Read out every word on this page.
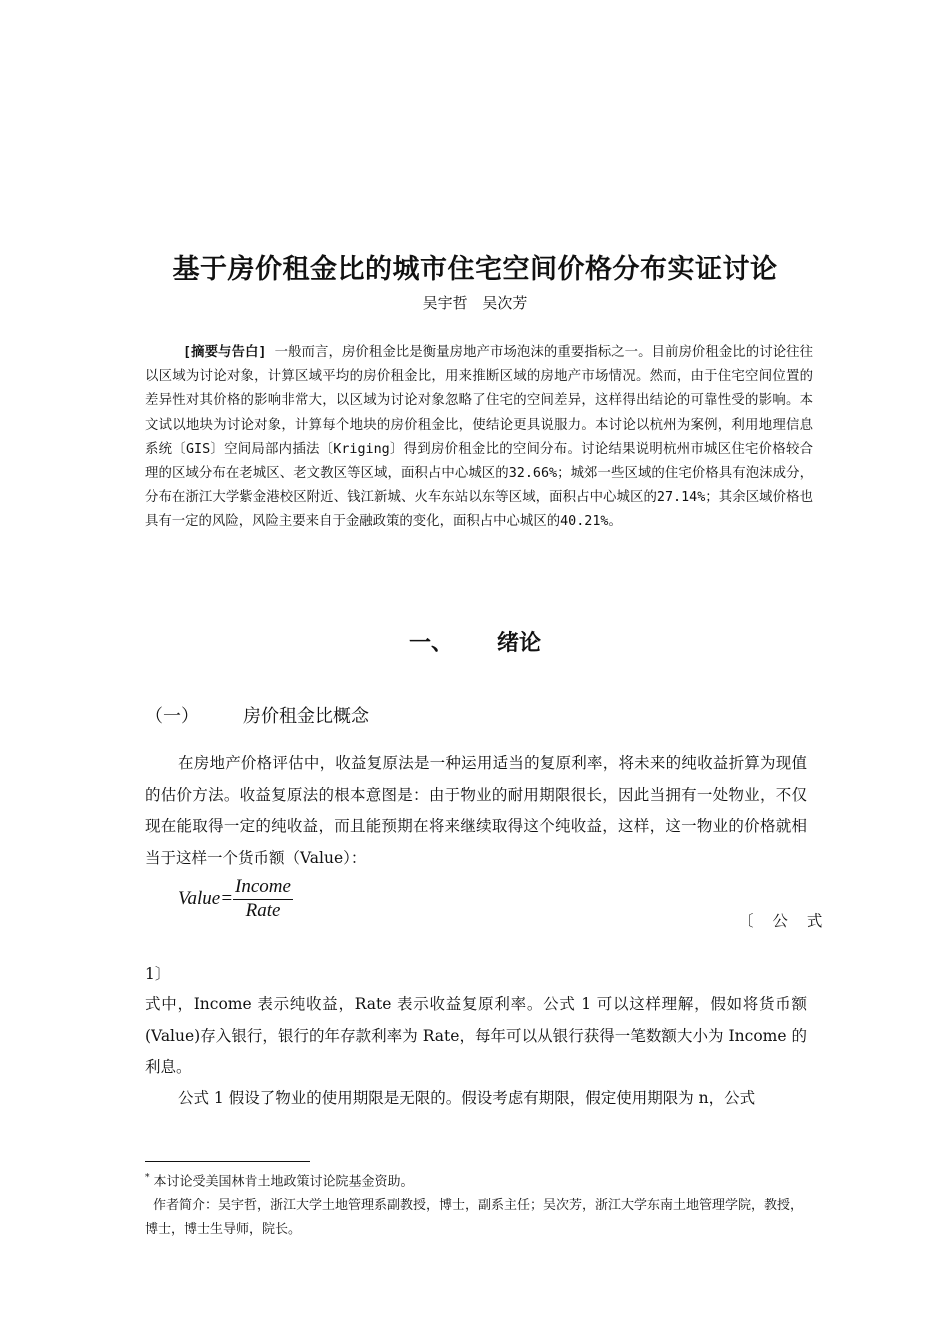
基于房价租金比的城市住宅空间价格分布实证讨论
吴宇哲 吴次芳
[摘要与告白] 一般而言，房价租金比是衡量房地产市场泡沫的重要指标之一。目前房价租金比的讨论往往以区域为讨论对象，计算区域平均的房价租金比，用来推断区域的房地产市场情况。然而，由于住宅空间位置的差异性对其价格的影响非常大，以区域为讨论对象忽略了住宅的空间差异，这样得出结论的可靠性受的影响。本文试以地块为讨论对象，计算每个地块的房价租金比，使结论更具说服力。本讨论以杭州为案例，利用地理信息系统〔GIS〕空间局部内插法〔Kriging〕得到房价租金比的空间分布。讨论结果说明杭州市城区住宅价格较合理的区域分布在老城区、老文教区等区域，面积占中心城区的32.66%；城郊一些区域的住宅价格具有泡沫成分，分布在浙江大学紫金港校区附近、钱江新城、火车东站以东等区域，面积占中心城区的27.14%；其余区域价格也具有一定的风险，风险主要来自于金融政策的变化，面积占中心城区的40.21%。
一、 绪论
（一） 房价租金比概念
在房地产价格评估中，收益复原法是一种运用适当的复原利率，将未来的纯收益折算为现值的估价方法。收益复原法的根本意图是：由于物业的耐用期限很长，因此当拥有一处物业，不仅现在能取得一定的纯收益，而且能预期在将来继续取得这个纯收益，这样，这一物业的价格就相当于这样一个货币额（Value）：
Value= $\frac{\text{Income}}{\text{Rate}}$	〔 公 式
1〕
式中，Income 表示纯收益，Rate 表示收益复原利率。公式 1 可以这样理解，假如将货币额(Value)存入银行，银行的年存款利率为 Rate，每年可以从银行获得一笔数额大小为 Income 的利息。
公式 1 假设了物业的使用期限是无限的。假设考虑有期限，假定使用期限为 n，公式
* 本讨论受美国林肯土地政策讨论院基金资助。
作者简介：吴宇哲，浙江大学土地管理系副教授，博士，副系主任；吴次芳，浙江大学东南土地管理学院，教授，博士，博士生导师，院长。
